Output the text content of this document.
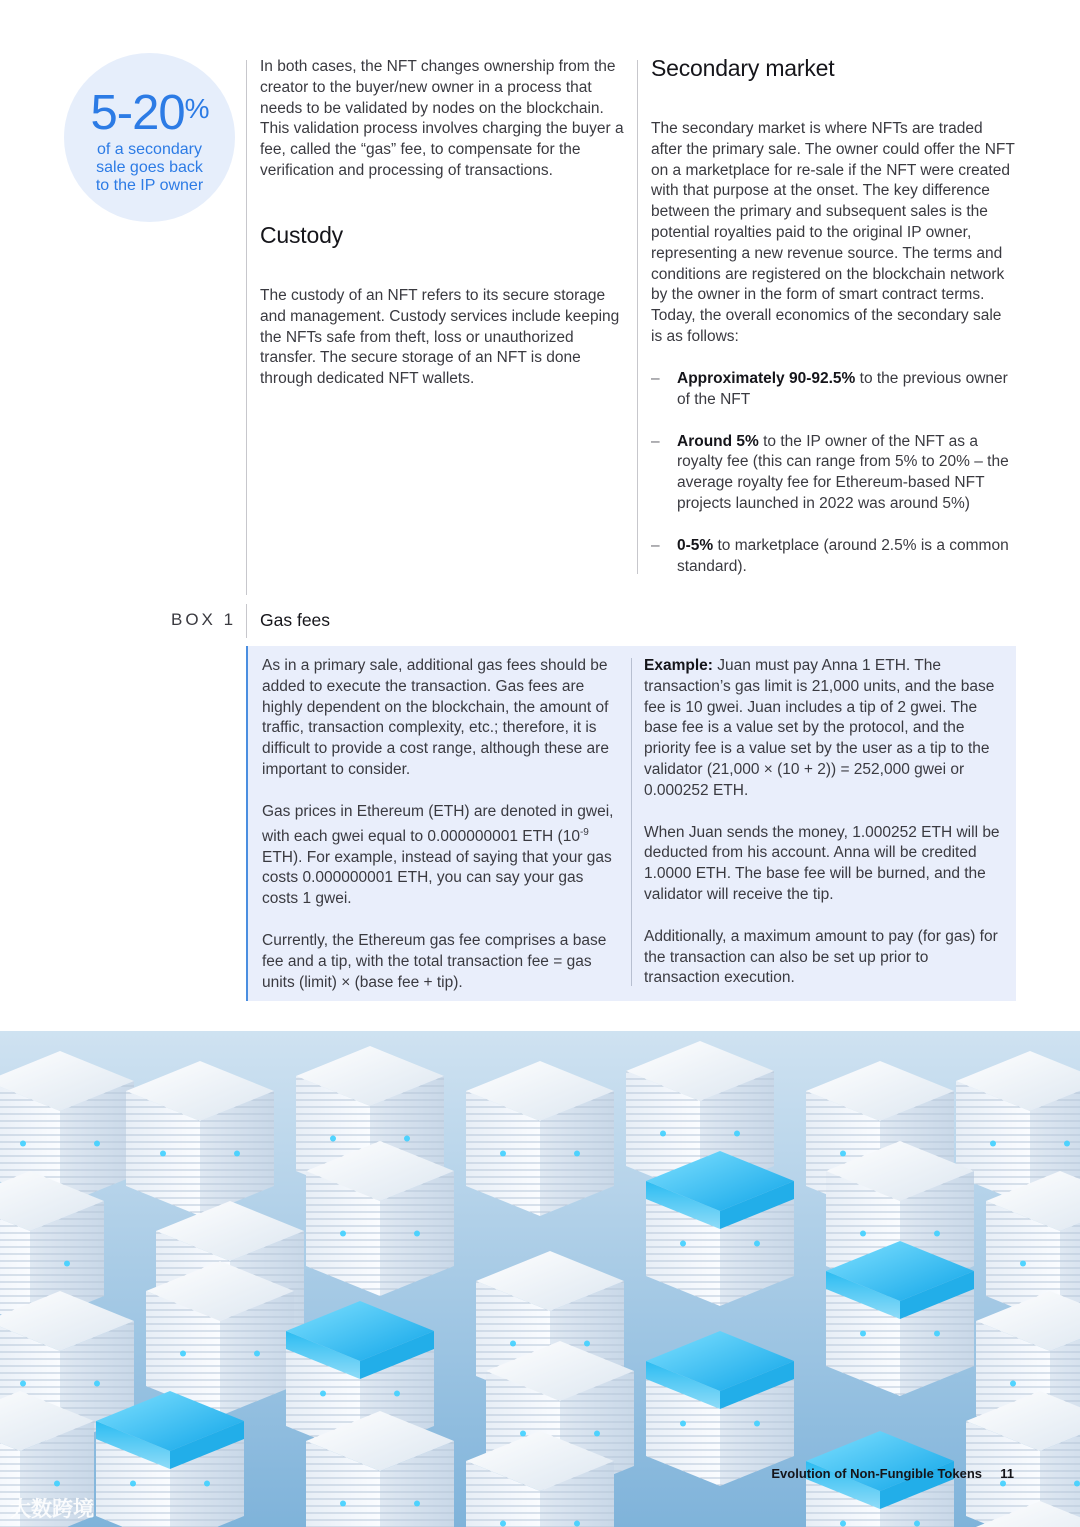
5-20%
of a secondary
sale goes back
to the IP owner
In both cases, the NFT changes ownership from the creator to the buyer/new owner in a process that needs to be validated by nodes on the blockchain. This validation process involves charging the buyer a fee, called the “gas” fee, to compensate for the verification and processing of transactions.
Custody
The custody of an NFT refers to its secure storage and management. Custody services include keeping the NFTs safe from theft, loss or unauthorized transfer. The secure storage of an NFT is done through dedicated NFT wallets.
Secondary market
The secondary market is where NFTs are traded after the primary sale. The owner could offer the NFT on a marketplace for re-sale if the NFT were created with that purpose at the onset. The key difference between the primary and subsequent sales is the potential royalties paid to the original IP owner, representing a new revenue source. The terms and conditions are registered on the blockchain network by the owner in the form of smart contract terms. Today, the overall economics of the secondary sale is as follows:
– Approximately 90-92.5% to the previous owner of the NFT
– Around 5% to the IP owner of the NFT as a royalty fee (this can range from 5% to 20% – the average royalty fee for Ethereum-based NFT projects launched in 2022 was around 5%)
– 0-5% to marketplace (around 2.5% is a common standard).
BOX 1 Gas fees

As in a primary sale, additional gas fees should be added to execute the transaction. Gas fees are highly dependent on the blockchain, the amount of traffic, transaction complexity, etc.; therefore, it is difficult to provide a cost range, although these are important to consider.

Gas prices in Ethereum (ETH) are denoted in gwei, with each gwei equal to 0.000000001 ETH ($10^{-9}$ ETH). For example, instead of saying that your gas costs 0.000000001 ETH, you can say your gas costs 1 gwei.

Currently, the Ethereum gas fee comprises a base fee and a tip, with the total transaction fee = gas units (limit) × (base fee + tip).

Example: Juan must pay Anna 1 ETH. The transaction’s gas limit is 21,000 units, and the base fee is 10 gwei. Juan includes a tip of 2 gwei. The base fee is a value set by the protocol, and the priority fee is a value set by the user as a tip to the validator (21,000 × (10 + 2)) = 252,000 gwei or 0.000252 ETH.

When Juan sends the money, 1.000252 ETH will be deducted from his account. Anna will be credited 1.0000 ETH. The base fee will be burned, and the validator will receive the tip.

Additionally, a maximum amount to pay (for gas) for the transaction can also be set up prior to transaction execution.

Evolution of Non-Fungible Tokens 11
大数跨境
